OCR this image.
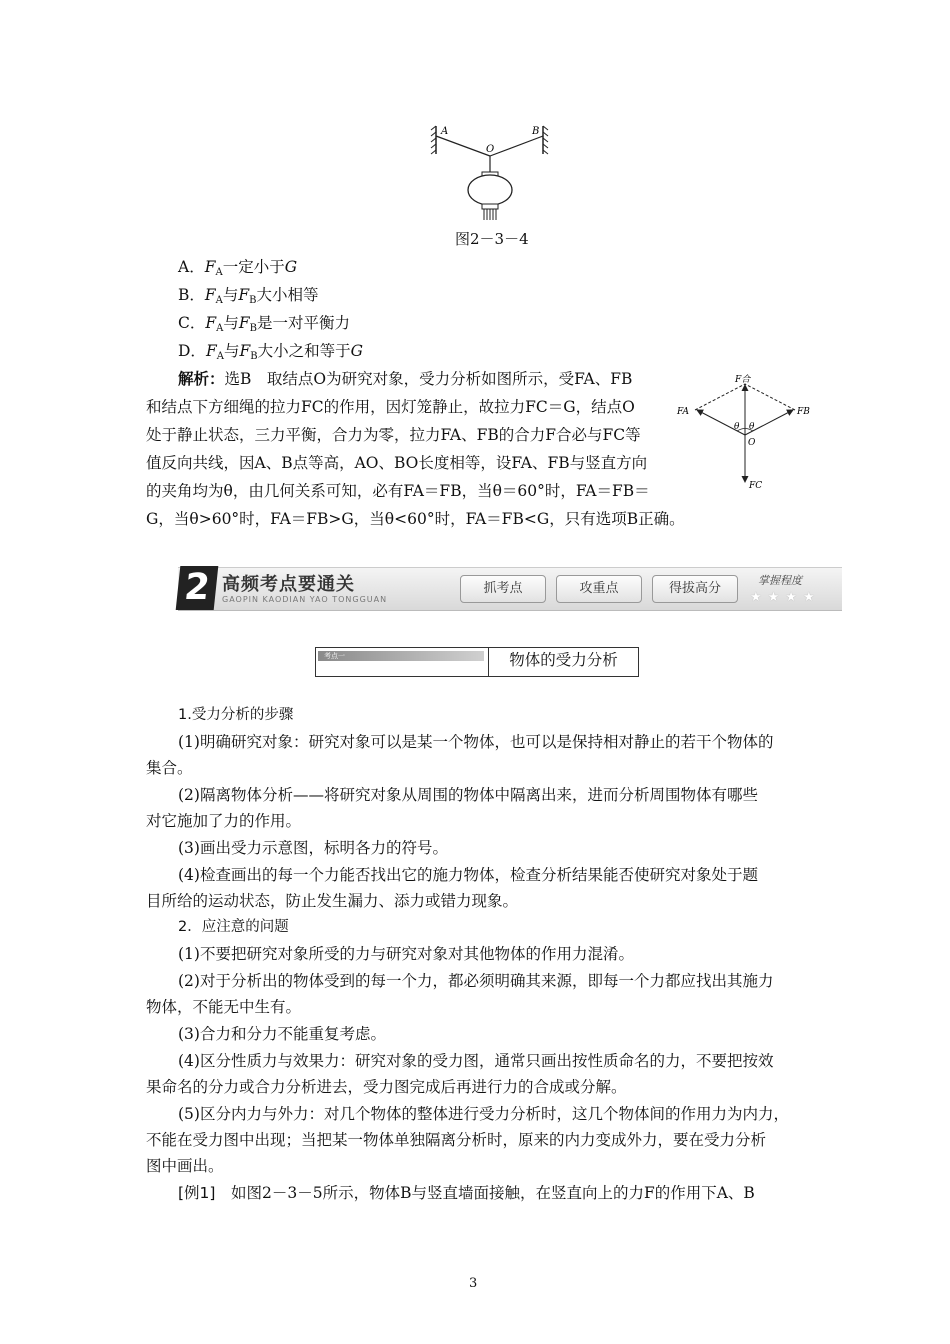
A	B
O
图2－3－4
A．$F_A$一定小于G
B．$F_A$与$F_B$大小相等
C．$F_A$与$F_B$是一对平衡力
D．$F_A$与$F_B$大小之和等于G
解析：选B　取结点O为研究对象，受力分析如图所示，受FA、FB
和结点下方细绳的拉力FC的作用，因灯笼静止，故拉力FC＝G，结点O
处于静止状态，三力平衡，合力为零，拉力FA、FB的合力F合必与FC等
值反向共线，因A、B点等高，AO、BO长度相等，设FA、FB与竖直方向
的夹角均为θ，由几何关系可知，必有FA＝FB，当θ＝60°时，FA＝FB＝
G，当θ>60°时，FA＝FB>G，当θ<60°时，FA＝FB<G，只有选项B正确。
F合
FA	FB
FC
θ θ
O
2 高频考点要通关
GAOPIN KAODIAN YAO TONGGUAN
抓考点	攻重点	得拔高分
掌握程度
★★★★
考点一	物体的受力分析
1.受力分析的步骤
(1)明确研究对象：研究对象可以是某一个物体，也可以是保持相对静止的若干个物体的
集合。
(2)隔离物体分析——将研究对象从周围的物体中隔离出来，进而分析周围物体有哪些
对它施加了力的作用。
(3)画出受力示意图，标明各力的符号。
(4)检查画出的每一个力能否找出它的施力物体，检查分析结果能否使研究对象处于题
目所给的运动状态，防止发生漏力、添力或错力现象。
2．应注意的问题
(1)不要把研究对象所受的力与研究对象对其他物体的作用力混淆。
(2)对于分析出的物体受到的每一个力，都必须明确其来源，即每一个力都应找出其施力
物体，不能无中生有。
(3)合力和分力不能重复考虑。
(4)区分性质力与效果力：研究对象的受力图，通常只画出按性质命名的力，不要把按效
果命名的分力或合力分析进去，受力图完成后再进行力的合成或分解。
(5)区分内力与外力：对几个物体的整体进行受力分析时，这几个物体间的作用力为内力，
不能在受力图中出现；当把某一物体单独隔离分析时，原来的内力变成外力，要在受力分析
图中画出。
[例1]　 如图2－3－5所示，物体B与竖直墙面接触，在竖直向上的力F的作用下A、B
3
